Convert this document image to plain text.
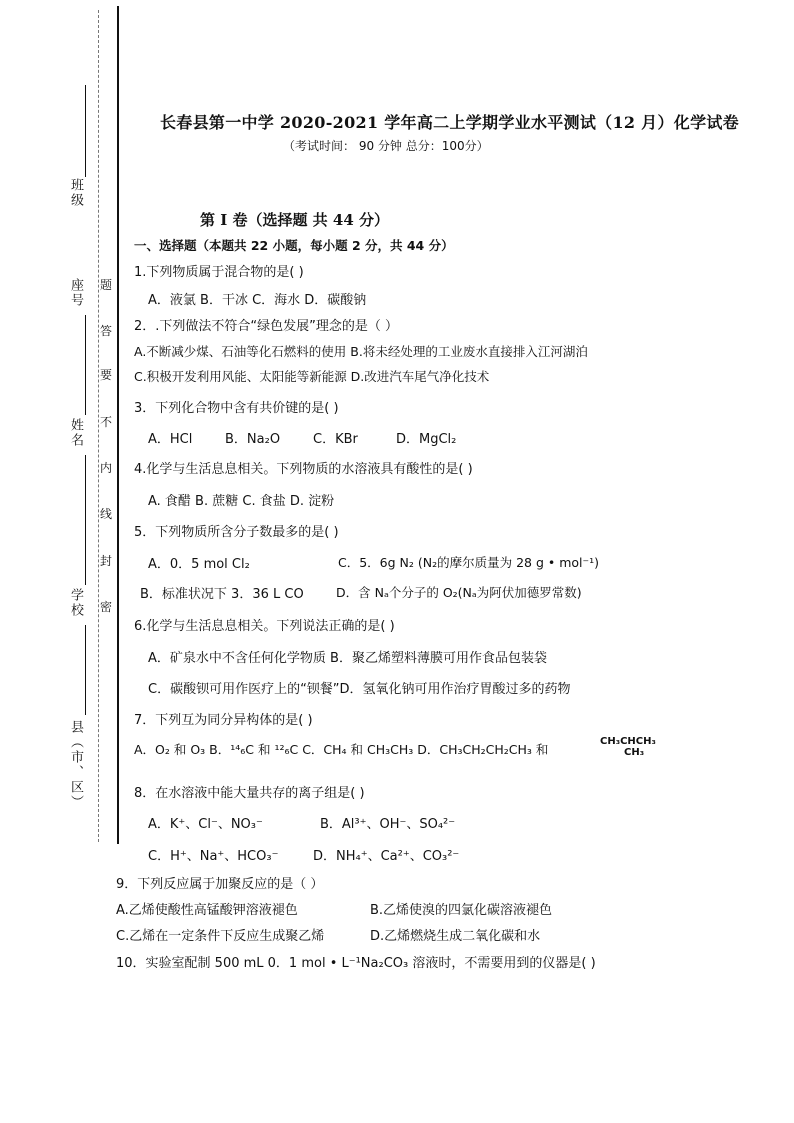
班级
座号
姓名
学校
县（市、区）
题
答
要
不
内
线
封
密
长春县第一中学 2020-2021 学年高二上学期学业水平测试（12 月）化学试卷
（考试时间： 90 分钟 总分：100分）
第 I 卷（选择题 共 44 分）
一、选择题（本题共 22 小题，每小题 2 分，共 44 分）
1.下列物质属于混合物的是( )
A．液氯 B．干冰 C．海水 D．碳酸钠
2．.下列做法不符合“绿色发展”理念的是（ ）
A.不断减少煤、石油等化石燃料的使用 B.将未经处理的工业废水直接排入江河湖泊
C.积极开发利用风能、太阳能等新能源 D.改进汽车尾气净化技术
3．下列化合物中含有共价键的是( )
A．HCl	B．Na₂O	C．KBr	D．MgCl₂
4.化学与生活息息相关。下列物质的水溶液具有酸性的是( )
A. 食醋 B. 蔗糖 C. 食盐 D. 淀粉
5．下列物质所含分子数最多的是( )
A．0．5 mol Cl₂	C．5．6g N₂ (N₂的摩尔质量为 28 g • mol⁻¹)
B．标准状况下 3．36 L CO	D．含 Nₐ个分子的 O₂(Nₐ为阿伏加德罗常数)
6.化学与生活息息相关。下列说法正确的是( )
A．矿泉水中不含任何化学物质 B．聚乙烯塑料薄膜可用作食品包装袋
C．碳酸钡可用作医疗上的“钡餐”D．氢氧化钠可用作治疗胃酸过多的药物
7．下列互为同分异构体的是( )
A．O₂ 和 O₃ B．¹⁴₆C 和 ¹²₆C C．CH₄ 和 CH₃CH₃ D．CH₃CH₂CH₂CH₃ 和
CH₃CHCH₃
CH₃
8．在水溶液中能大量共存的离子组是( )
A．K⁺、Cl⁻、NO₃⁻	B．Al³⁺、OH⁻、SO₄²⁻
C．H⁺、Na⁺、HCO₃⁻	D．NH₄⁺、Ca²⁺、CO₃²⁻
9．下列反应属于加聚反应的是（ ）
A.乙烯使酸性高锰酸钾溶液褪色	B.乙烯使溴的四氯化碳溶液褪色
C.乙烯在一定条件下反应生成聚乙烯	D.乙烯燃烧生成二氧化碳和水
10．实验室配制 500 mL 0．1 mol • L⁻¹Na₂CO₃ 溶液时，不需要用到的仪器是( )
